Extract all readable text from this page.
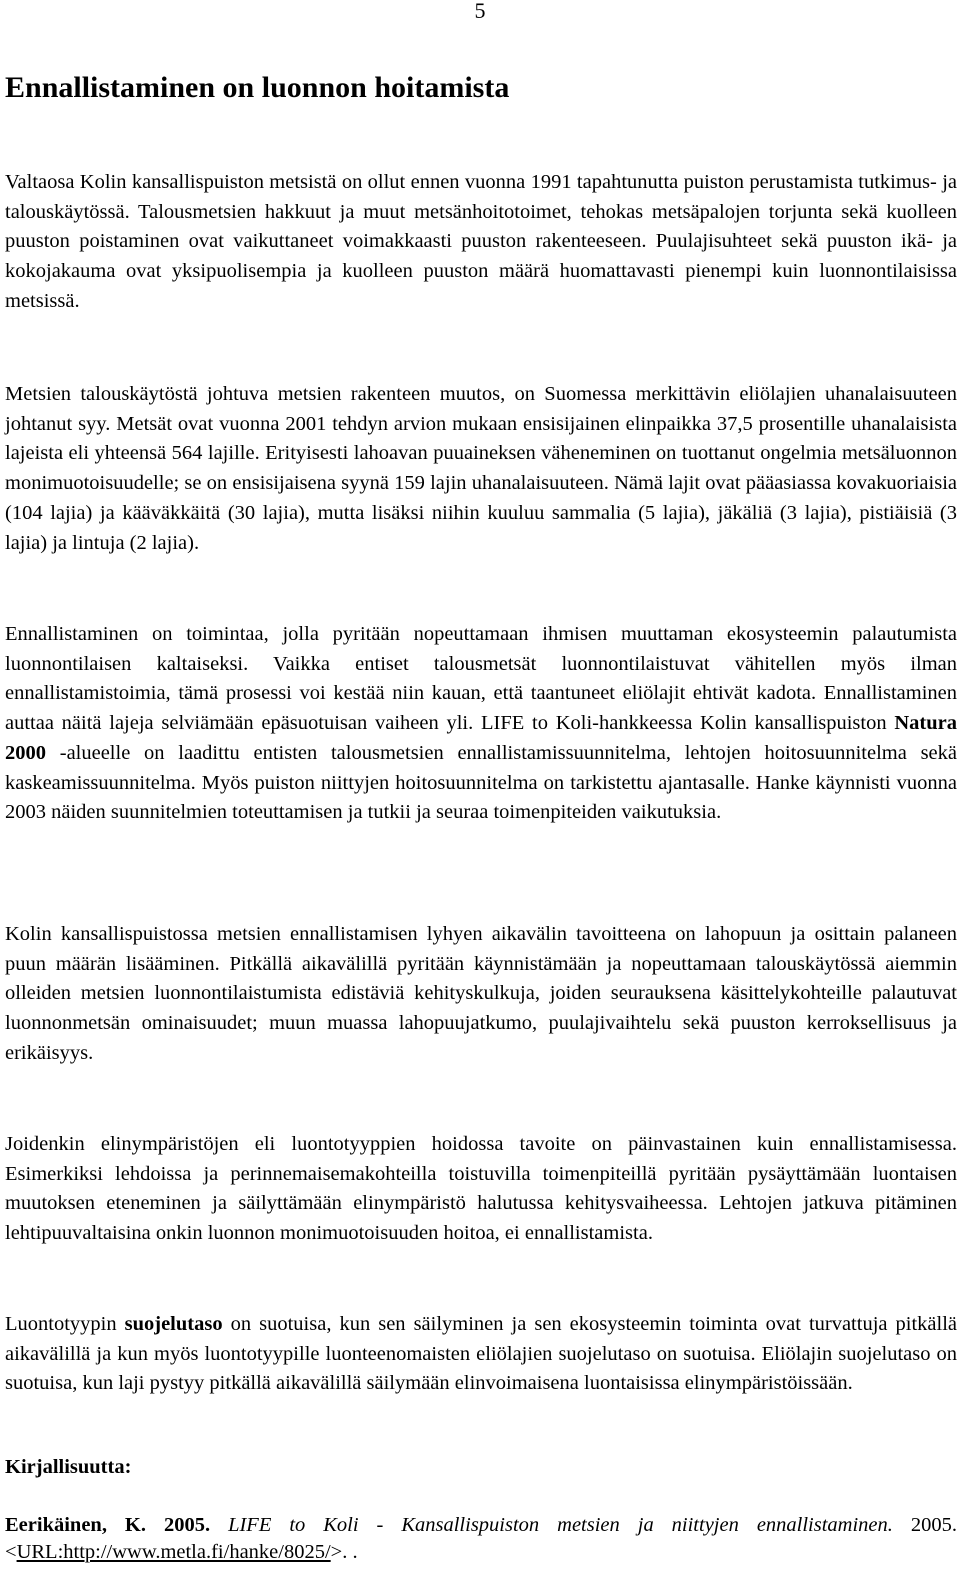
5
Ennallistaminen on luonnon hoitamista

Valtaosa Kolin kansallispuiston metsistä on ollut ennen vuonna 1991 tapahtunutta puiston perustamista tutkimus- ja talouskäytössä. Talousmetsien hakkuut ja muut metsänhoitotoimet, tehokas metsäpalojen torjunta sekä kuolleen puuston poistaminen ovat vaikuttaneet voimakkaasti puuston rakenteeseen. Puulajisuhteet sekä puuston ikä- ja kokojakauma ovat yksipuolisempia ja kuolleen puuston määrä huomattavasti pienempi kuin luonnontilaisissa metsissä.

Metsien talouskäytöstä johtuva metsien rakenteen muutos, on Suomessa merkittävin eliölajien uhanalaisuuteen johtanut syy. Metsät ovat vuonna 2001 tehdyn arvion mukaan ensisijainen elinpaikka 37,5 prosentille uhanalaisista lajeista eli yhteensä 564 lajille. Erityisesti lahoavan puuaineksen väheneminen on tuottanut ongelmia metsäluonnon monimuotoisuudelle; se on ensisijaisena syynä 159 lajin uhanalaisuuteen. Nämä lajit ovat pääasiassa kovakuoriaisia (104 lajia) ja kääväkkäitä (30 lajia), mutta lisäksi niihin kuuluu sammalia (5 lajia), jäkäliä (3 lajia), pistiäisiä (3 lajia) ja lintuja (2 lajia).

Ennallistaminen on toimintaa, jolla pyritään nopeuttamaan ihmisen muuttaman ekosysteemin palautumista luonnontilaisen kaltaiseksi. Vaikka entiset talousmetsät luonnontilaistuvat vähitellen myös ilman ennallistamistoimia, tämä prosessi voi kestää niin kauan, että taantuneet eliölajit ehtivät kadota. Ennallistaminen auttaa näitä lajeja selviämään epäsuotuisan vaiheen yli. LIFE to Koli-hankkeessa Kolin kansallispuiston Natura 2000 -alueelle on laadittu entisten talousmetsien ennallistamissuunnitelma, lehtojen hoitosuunnitelma sekä kaskeamissuunnitelma. Myös puiston niittyjen hoitosuunnitelma on tarkistettu ajantasalle. Hanke käynnisti vuonna 2003 näiden suunnitelmien toteuttamisen ja tutkii ja seuraa toimenpiteiden vaikutuksia.

Kolin kansallispuistossa metsien ennallistamisen lyhyen aikavälin tavoitteena on lahopuun ja osittain palaneen puun määrän lisääminen. Pitkällä aikavälillä pyritään käynnistämään ja nopeuttamaan talouskäytössä aiemmin olleiden metsien luonnontilaistumista edistäviä kehityskulkuja, joiden seurauksena käsittelykohteille palautuvat luonnonmetsän ominaisuudet; muun muassa lahopuujatkumo, puulajivaihtelu sekä puuston kerroksellisuus ja erikäisyys.

Joidenkin elinympäristöjen eli luontotyyppien hoidossa tavoite on päinvastainen kuin ennallistamisessa. Esimerkiksi lehdoissa ja perinnemaisemakohteilla toistuvilla toimenpiteillä pyritään pysäyttämään luontaisen muutoksen eteneminen ja säilyttämään elinympäristö halutussa kehitysvaiheessa. Lehtojen jatkuva pitäminen lehtipuuvaltaisina onkin luonnon monimuotoisuuden hoitoa, ei ennallistamista.

Luontotyypin suojelutaso on suotuisa, kun sen säilyminen ja sen ekosysteemin toiminta ovat turvattuja pitkällä aikavälillä ja kun myös luontotyypille luonteenomaisten eliölajien suojelutaso on suotuisa. Eliölajin suojelutaso on suotuisa, kun laji pystyy pitkällä aikavälillä säilymään elinvoimaisena luontaisissa elinympäristöissään.

Kirjallisuutta:

Eerikäinen, K. 2005. LIFE to Koli - Kansallispuiston metsien ja niittyjen ennallistaminen. 2005. <URL:http://www.metla.fi/hanke/8025/>. .
